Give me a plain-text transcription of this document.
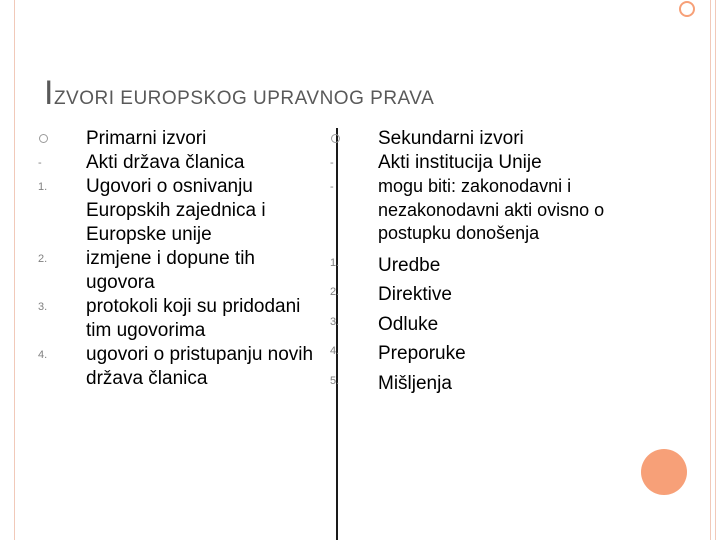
IZVORI EUROPSKOG UPRAVNOG PRAVA
Primarni izvori
-	Akti država članica
1.	Ugovori o osnivanju Europskih zajednica i Europske unije
2.	izmjene i dopune tih ugovora
3.	protokoli koji su pridodani tim ugovorima
4.	ugovori o pristupanju novih država članica
Sekundarni izvori
-	Akti institucija Unije
-	mogu biti: zakonodavni i nezakonodavni akti ovisno o postupku donošenja
1.	Uredbe
2.	Direktive
3.	Odluke
4.	Preporuke
5.	Mišljenja
